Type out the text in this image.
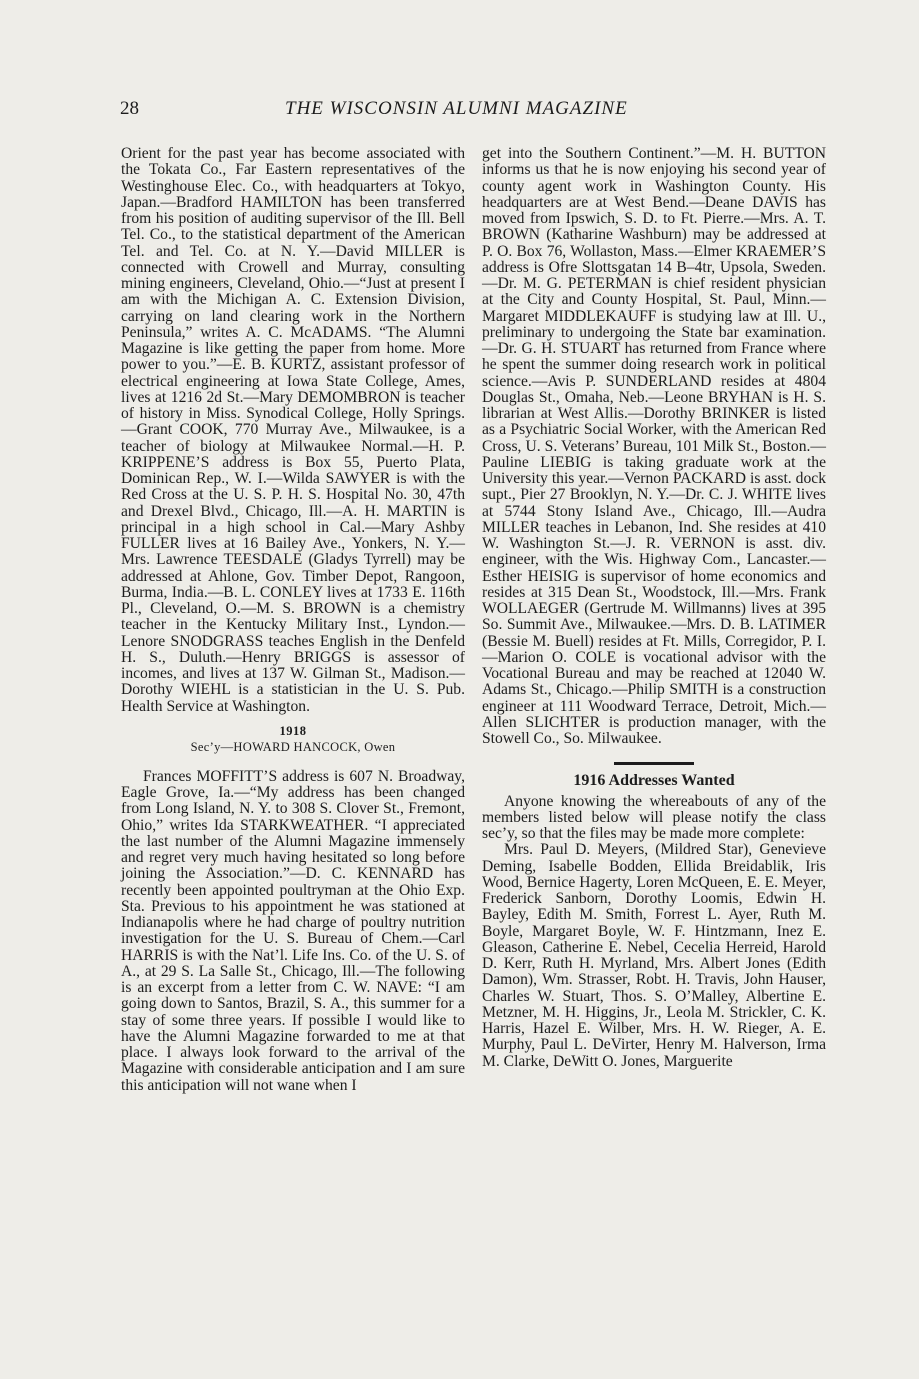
28	THE WISCONSIN ALUMNI MAGAZINE

Orient for the past year has become associated with the Tokata Co., Far Eastern representatives of the Westinghouse Elec. Co., with headquarters at Tokyo, Japan.—Bradford HAMILTON has been transferred from his position of auditing supervisor of the Ill. Bell Tel. Co., to the statistical department of the American Tel. and Tel. Co. at N. Y.—David MILLER is connected with Crowell and Murray, consulting mining engineers, Cleveland, Ohio.—“Just at present I am with the Michigan A. C. Extension Division, carrying on land clearing work in the Northern Peninsula,” writes A. C. McADAMS. “The Alumni Magazine is like getting the paper from home. More power to you.”—E. B. KURTZ, assistant professor of electrical engineering at Iowa State College, Ames, lives at 1216 2d St.—Mary DEMOMBRON is teacher of history in Miss. Synodical College, Holly Springs.—Grant COOK, 770 Murray Ave., Milwaukee, is a teacher of biology at Milwaukee Normal.—H. P. KRIPPENE’S address is Box 55, Puerto Plata, Dominican Rep., W. I.—Wilda SAWYER is with the Red Cross at the U. S. P. H. S. Hospital No. 30, 47th and Drexel Blvd., Chicago, Ill.—A. H. MARTIN is principal in a high school in Cal.—Mary Ashby FULLER lives at 16 Bailey Ave., Yonkers, N. Y.—Mrs. Lawrence TEESDALE (Gladys Tyrrell) may be addressed at Ahlone, Gov. Timber Depot, Rangoon, Burma, India.—B. L. CONLEY lives at 1733 E. 116th Pl., Cleveland, O.—M. S. BROWN is a chemistry teacher in the Kentucky Military Inst., Lyndon.—Lenore SNODGRASS teaches English in the Denfeld H. S., Duluth.—Henry BRIGGS is assessor of incomes, and lives at 137 W. Gilman St., Madison.—Dorothy WIEHL is a statistician in the U. S. Pub. Health Service at Washington.

1918
Sec’y—HOWARD HANCOCK, Owen

Frances MOFFITT’S address is 607 N. Broadway, Eagle Grove, Ia.—“My address has been changed from Long Island, N. Y. to 308 S. Clover St., Fremont, Ohio,” writes Ida STARKWEATHER. “I appreciated the last number of the Alumni Magazine immensely and regret very much having hesitated so long before joining the Association.”—D. C. KENNARD has recently been appointed poultryman at the Ohio Exp. Sta. Previous to his appointment he was stationed at Indianapolis where he had charge of poultry nutrition investigation for the U. S. Bureau of Chem.—Carl HARRIS is with the Nat’l. Life Ins. Co. of the U. S. of A., at 29 S. La Salle St., Chicago, Ill.—The following is an excerpt from a letter from C. W. NAVE: “I am going down to Santos, Brazil, S. A., this summer for a stay of some three years. If possible I would like to have the Alumni Magazine forwarded to me at that place. I always look forward to the arrival of the Magazine with considerable anticipation and I am sure this anticipation will not wane when I

get into the Southern Continent.”—M. H. BUTTON informs us that he is now enjoying his second year of county agent work in Washington County. His headquarters are at West Bend.—Deane DAVIS has moved from Ipswich, S. D. to Ft. Pierre.—Mrs. A. T. BROWN (Katharine Washburn) may be addressed at P. O. Box 76, Wollaston, Mass.—Elmer KRAEMER’S address is Ofre Slottsgatan 14 B–4tr, Upsola, Sweden.—Dr. M. G. PETERMAN is chief resident physician at the City and County Hospital, St. Paul, Minn.—Margaret MIDDLEKAUFF is studying law at Ill. U., preliminary to undergoing the State bar examination.—Dr. G. H. STUART has returned from France where he spent the summer doing research work in political science.—Avis P. SUNDERLAND resides at 4804 Douglas St., Omaha, Neb.—Leone BRYHAN is H. S. librarian at West Allis.—Dorothy BRINKER is listed as a Psychiatric Social Worker, with the American Red Cross, U. S. Veterans’ Bureau, 101 Milk St., Boston.—Pauline LIEBIG is taking graduate work at the University this year.—Vernon PACKARD is asst. dock supt., Pier 27 Brooklyn, N. Y.—Dr. C. J. WHITE lives at 5744 Stony Island Ave., Chicago, Ill.—Audra MILLER teaches in Lebanon, Ind. She resides at 410 W. Washington St.—J. R. VERNON is asst. div. engineer, with the Wis. Highway Com., Lancaster.—Esther HEISIG is supervisor of home economics and resides at 315 Dean St., Woodstock, Ill.—Mrs. Frank WOLLAEGER (Gertrude M. Willmanns) lives at 395 So. Summit Ave., Milwaukee.—Mrs. D. B. LATIMER (Bessie M. Buell) resides at Ft. Mills, Corregidor, P. I.—Marion O. COLE is vocational advisor with the Vocational Bureau and may be reached at 12040 W. Adams St., Chicago.—Philip SMITH is a construction engineer at 111 Woodward Terrace, Detroit, Mich.— Allen SLICHTER is production manager, with the Stowell Co., So. Milwaukee.

1916 Addresses Wanted

Anyone knowing the whereabouts of any of the members listed below will please notify the class sec’y, so that the files may be made more complete:

Mrs. Paul D. Meyers, (Mildred Star), Genevieve Deming, Isabelle Bodden, Ellida Breidablik, Iris Wood, Bernice Hagerty, Loren McQueen, E. E. Meyer, Frederick Sanborn, Dorothy Loomis, Edwin H. Bayley, Edith M. Smith, Forrest L. Ayer, Ruth M. Boyle, Margaret Boyle, W. F. Hintzmann, Inez E. Gleason, Catherine E. Nebel, Cecelia Herreid, Harold D. Kerr, Ruth H. Myrland, Mrs. Albert Jones (Edith Damon), Wm. Strasser, Robt. H. Travis, John Hauser, Charles W. Stuart, Thos. S. O’Malley, Albertine E. Metzner, M. H. Higgins, Jr., Leola M. Strickler, C. K. Harris, Hazel E. Wilber, Mrs. H. W. Rieger, A. E. Murphy, Paul L. DeVirter, Henry M. Halverson, Irma M. Clarke, DeWitt O. Jones, Marguerite
